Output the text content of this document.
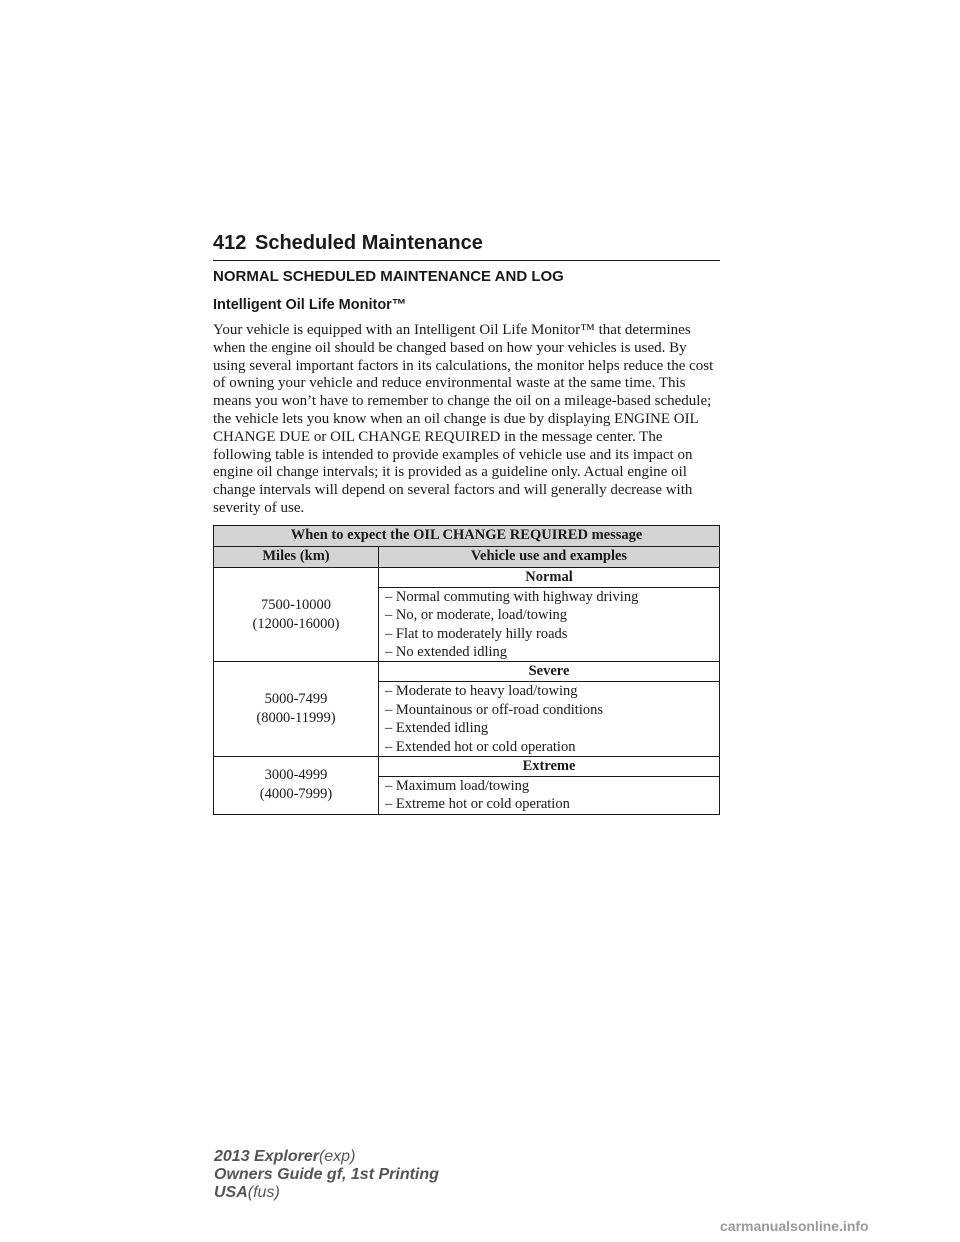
412 Scheduled Maintenance
NORMAL SCHEDULED MAINTENANCE AND LOG
Intelligent Oil Life Monitor™

Your vehicle is equipped with an Intelligent Oil Life Monitor™ that determines when the engine oil should be changed based on how your vehicles is used. By using several important factors in its calculations, the monitor helps reduce the cost of owning your vehicle and reduce environmental waste at the same time. This means you won’t have to remember to change the oil on a mileage-based schedule; the vehicle lets you know when an oil change is due by displaying ENGINE OIL CHANGE DUE or OIL CHANGE REQUIRED in the message center. The following table is intended to provide examples of vehicle use and its impact on engine oil change intervals; it is provided as a guideline only. Actual engine oil change intervals will depend on several factors and will generally decrease with severity of use.

When to expect the OIL CHANGE REQUIRED message	
Miles (km)	Vehicle use and examples

7500-10000
(12000-16000)	Normal

	– Normal commuting with highway driving
– No, or moderate, load/towing
– Flat to moderately hilly roads
– No extended idling

5000-7499
(8000-11999)	Severe

	– Moderate to heavy load/towing
– Mountainous or off-road conditions
– Extended idling
– Extended hot or cold operation

3000-4999
(4000-7999)	Extreme

	– Maximum load/towing
– Extreme hot or cold operation
2013 Explorer(exp)
Owners Guide gf, 1st Printing
USA(fus)
carmanualsonline.info
